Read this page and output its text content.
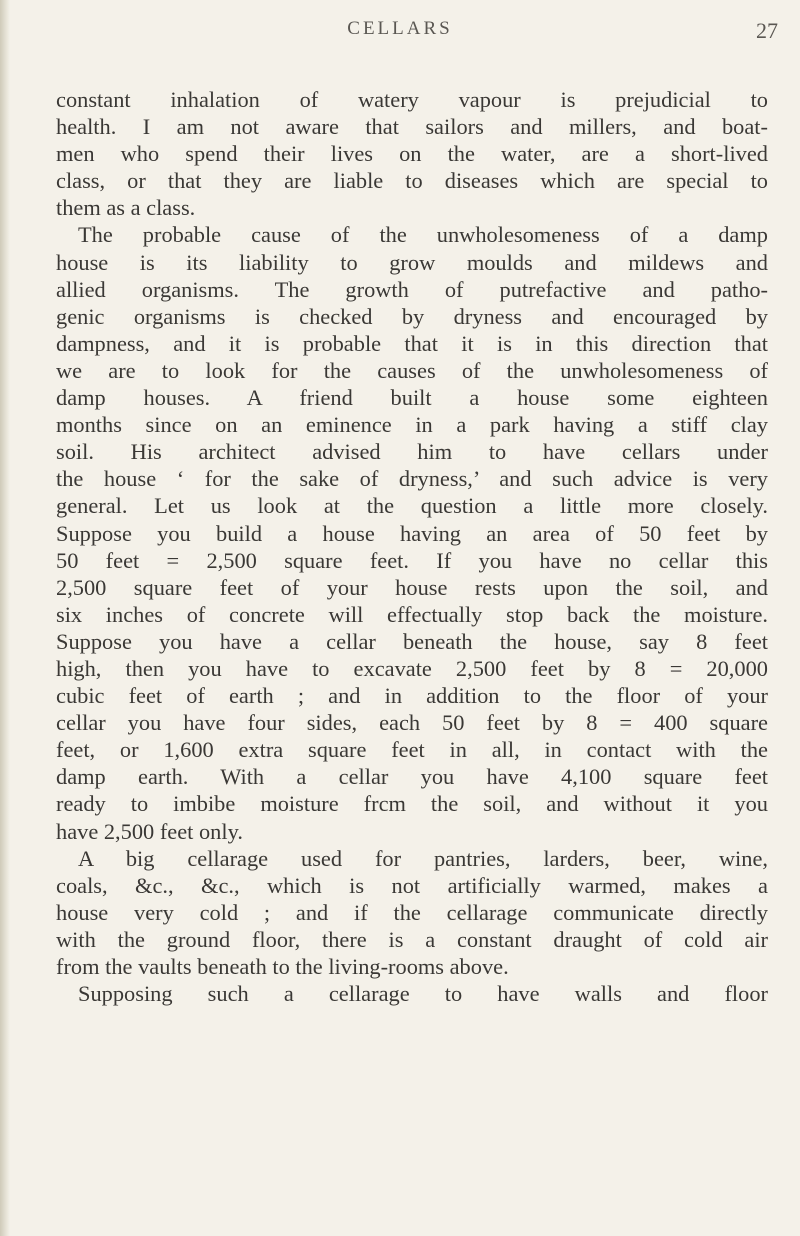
CELLARS	27
constant inhalation of watery vapour is prejudicial to
health. I am not aware that sailors and millers, and boat-
men who spend their lives on the water, are a short-lived
class, or that they are liable to diseases which are special to
them as a class.
The probable cause of the unwholesomeness of a damp
house is its liability to grow moulds and mildews and
allied organisms. The growth of putrefactive and patho-
genic organisms is checked by dryness and encouraged by
dampness, and it is probable that it is in this direction that
we are to look for the causes of the unwholesomeness of
damp houses. A friend built a house some eighteen
months since on an eminence in a park having a stiff clay
soil. His architect advised him to have cellars under
the house ‘ for the sake of dryness,’ and such advice is very
general. Let us look at the question a little more closely.
Suppose you build a house having an area of 50 feet by
50 feet = 2,500 square feet. If you have no cellar this
2,500 square feet of your house rests upon the soil, and
six inches of concrete will effectually stop back the moisture.
Suppose you have a cellar beneath the house, say 8 feet
high, then you have to excavate 2,500 feet by 8 = 20,000
cubic feet of earth ; and in addition to the floor of your
cellar you have four sides, each 50 feet by 8 = 400 square
feet, or 1,600 extra square feet in all, in contact with the
damp earth. With a cellar you have 4,100 square feet
ready to imbibe moisture frcm the soil, and without it you
have 2,500 feet only.
A big cellarage used for pantries, larders, beer, wine,
coals, &c., &c., which is not artificially warmed, makes a
house very cold ; and if the cellarage communicate directly
with the ground floor, there is a constant draught of cold air
from the vaults beneath to the living-rooms above.
Supposing such a cellarage to have walls and floor
